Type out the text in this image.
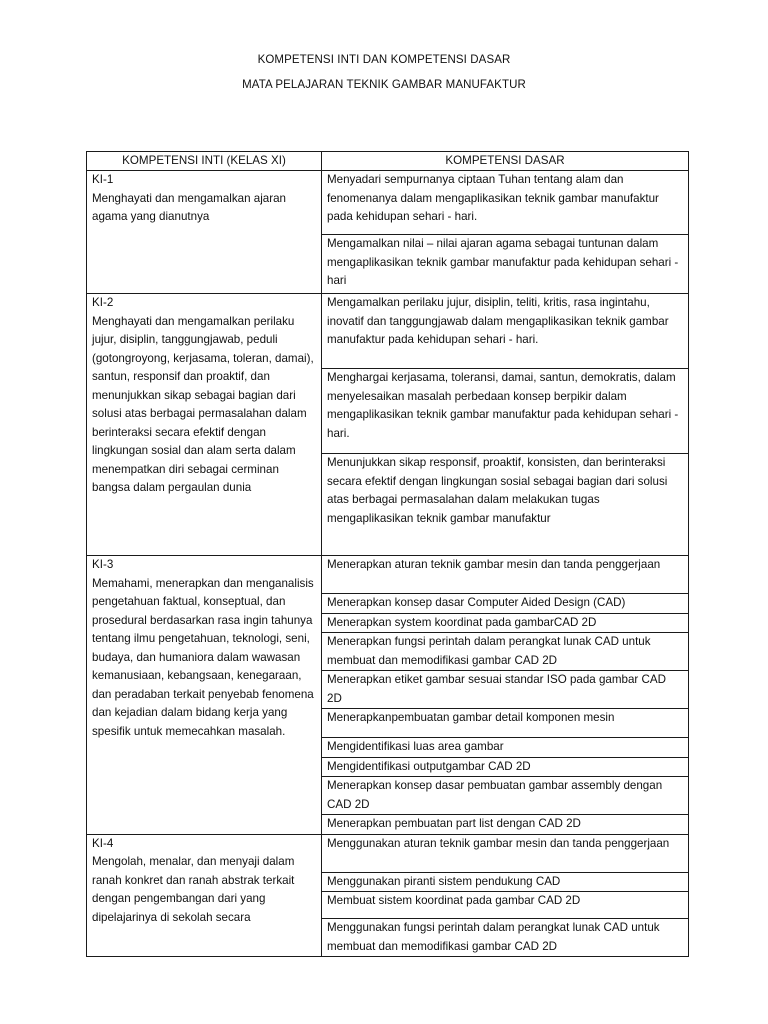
KOMPETENSI INTI DAN KOMPETENSI DASAR
MATA PELAJARAN TEKNIK GAMBAR MANUFAKTUR
KOMPETENSI INTI (KELAS XI)	KOMPETENSI DASAR

KI-1
Menghayati dan mengamalkan ajaran agama yang dianutnya	Menyadari sempurnanya ciptaan Tuhan tentang alam dan fenomenanya dalam mengaplikasikan teknik gambar manufaktur pada kehidupan sehari - hari.

	Mengamalkan nilai – nilai ajaran agama sebagai tuntunan dalam mengaplikasikan teknik gambar manufaktur pada kehidupan sehari - hari

KI-2
Menghayati dan mengamalkan perilaku jujur, disiplin, tanggungjawab, peduli (gotongroyong, kerjasama, toleran, damai), santun, responsif dan proaktif, dan menunjukkan sikap sebagai bagian dari solusi atas berbagai permasalahan dalam berinteraksi secara efektif dengan lingkungan sosial dan alam serta dalam menempatkan diri sebagai cerminan bangsa dalam pergaulan dunia	Mengamalkan perilaku jujur, disiplin, teliti, kritis, rasa ingintahu, inovatif dan tanggungjawab dalam mengaplikasikan teknik gambar manufaktur pada kehidupan sehari - hari.

	Menghargai kerjasama, toleransi, damai, santun, demokratis, dalam menyelesaikan masalah perbedaan konsep berpikir dalam mengaplikasikan teknik gambar manufaktur pada kehidupan sehari - hari.

	Menunjukkan sikap responsif, proaktif, konsisten, dan berinteraksi secara efektif dengan lingkungan sosial sebagai bagian dari solusi atas berbagai permasalahan dalam melakukan tugas mengaplikasikan teknik gambar manufaktur

KI-3
Memahami, menerapkan dan menganalisis pengetahuan faktual, konseptual, dan prosedural berdasarkan rasa ingin tahunya tentang ilmu pengetahuan, teknologi, seni, budaya, dan humaniora dalam wawasan kemanusiaan, kebangsaan, kenegaraan, dan peradaban terkait penyebab fenomena dan kejadian dalam bidang kerja yang spesifik untuk memecahkan masalah.	Menerapkan aturan teknik gambar mesin dan tanda penggerjaan

	Menerapkan konsep dasar Computer Aided Design (CAD)

	Menerapkan system koordinat pada gambarCAD 2D

	Menerapkan fungsi perintah dalam perangkat lunak CAD untuk membuat dan memodifikasi gambar CAD 2D

	Menerapkan etiket gambar sesuai standar ISO pada gambar CAD 2D

	Menerapkanpembuatan gambar detail komponen mesin

	Mengidentifikasi luas area gambar

	Mengidentifikasi outputgambar CAD 2D

	Menerapkan konsep dasar pembuatan gambar assembly dengan CAD 2D

	Menerapkan pembuatan part list dengan CAD 2D

KI-4
Mengolah, menalar, dan menyaji dalam ranah konkret dan ranah abstrak terkait dengan pengembangan dari yang dipelajarinya di sekolah secara	Menggunakan aturan teknik gambar mesin dan tanda penggerjaan

	Menggunakan piranti sistem pendukung CAD

	Membuat sistem koordinat pada gambar CAD 2D

	Menggunakan fungsi perintah dalam perangkat lunak CAD untuk membuat dan memodifikasi gambar CAD 2D
